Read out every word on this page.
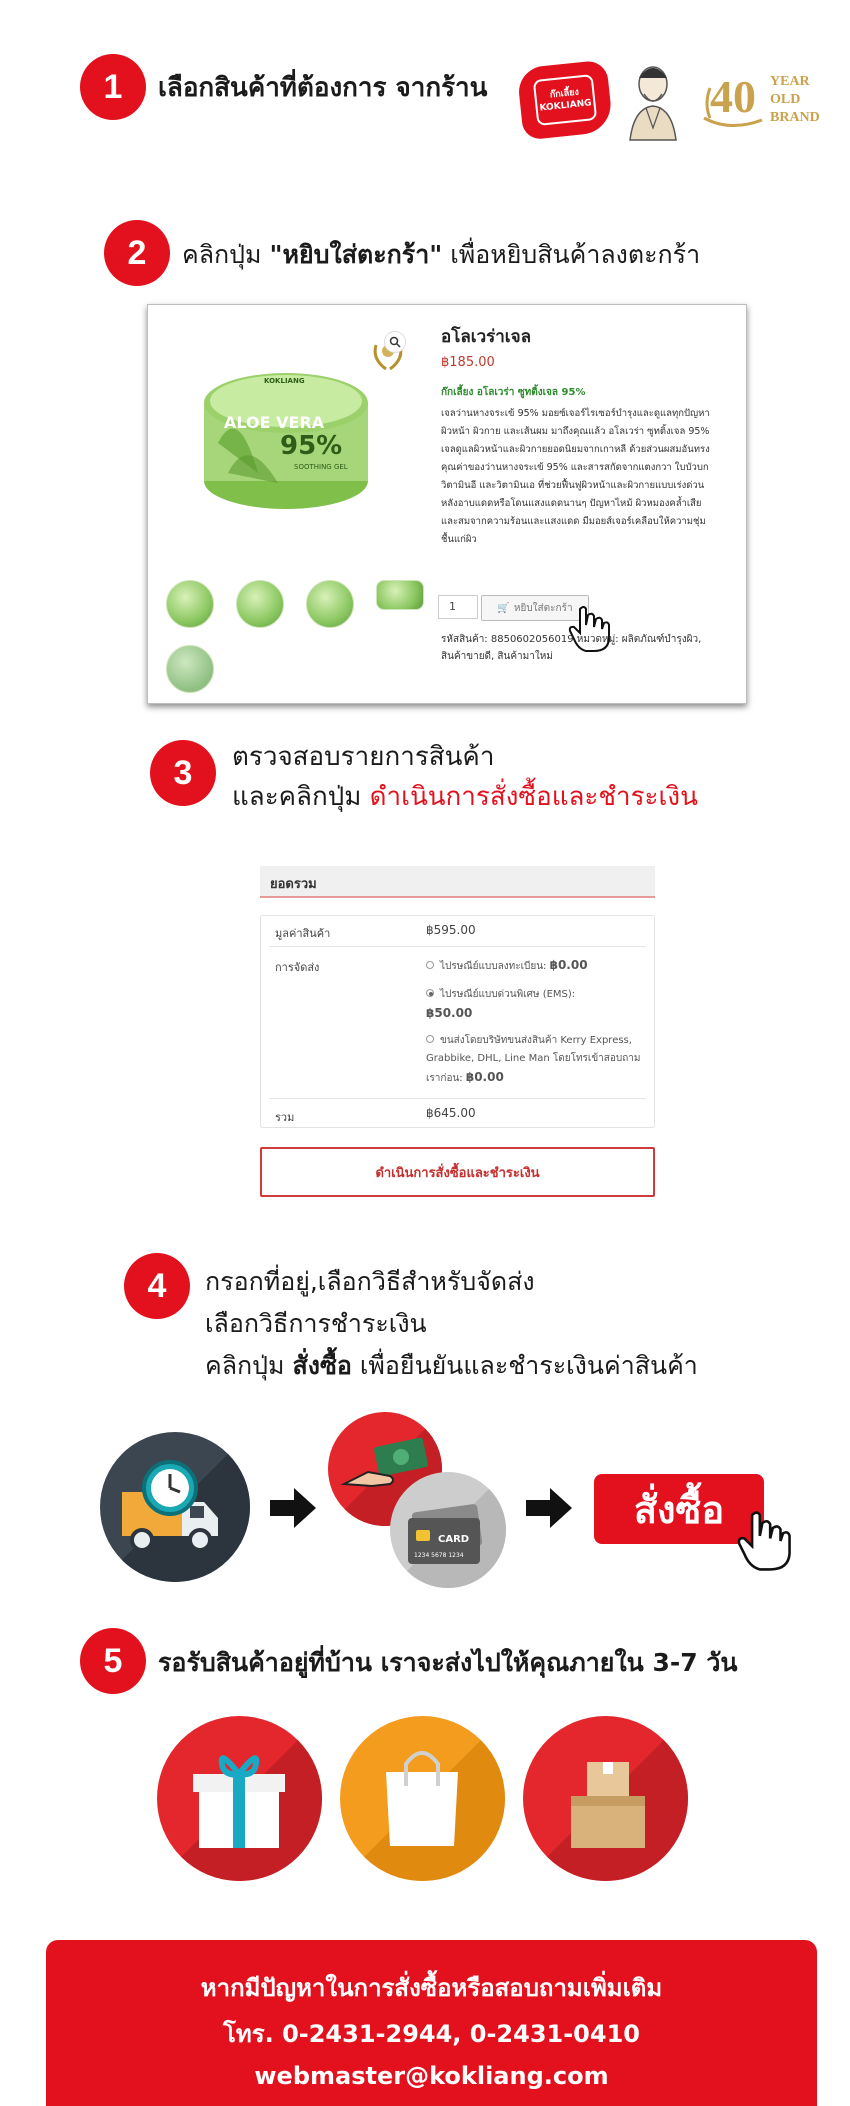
1	เลือกสินค้าที่ต้องการ จากร้าน	ก๊กเลี้ยง KOKLIANG	40 YEAR
OLD
BRAND
2	คลิกปุ่ม "หยิบใส่ตะกร้า" เพื่อหยิบสินค้าลงตะกร้า
KOKLIANG
ALOE VERA
95%
SOOTHING GEL
อโลเวร่าเจล
฿185.00
ก๊กเลี้ยง อโลเวร่า ซูทติ้งเจล 95%
เจลว่านหางจระเข้ 95% มอยซ์เจอร์ไรเซอร์บำรุงและดูแลทุกปัญหาผิวหน้า ผิวกาย และเส้นผม มาถึงคุณแล้ว อโลเวร่า ซูทติ้งเจล 95% เจลดูแลผิวหน้าและผิวกายยอดนิยมจากเกาหลี ด้วยส่วนผสมอันทรงคุณค่าของว่านหางจระเข้ 95% และสารสกัดจากแตงกวา ใบบัวบก วิตามินอี และวิตามินเอ ที่ช่วยฟื้นฟูผิวหน้าและผิวกายแบบเร่งด่วนหลังอาบแดดหรือโดนแสงแดดนานๆ ปัญหาไหม้ ผิวหมองคล้ำเสียและสมจากความร้อนและแสงแดด มีมอยส์เจอร์เคลือบให้ความชุ่มชื้นแก่ผิว
1	🛒 หยิบใส่ตะกร้า
รหัสสินค้า: 8850602056019 หมวดหมู่: ผลิตภัณฑ์บำรุงผิว, สินค้าขายดี, สินค้ามาใหม่
3	ตรวจสอบรายการสินค้า
และคลิกปุ่ม ดำเนินการสั่งซื้อและชำระเงิน
ยอดรวม
มูลค่าสินค้า	฿595.00
การจัดส่ง	ไปรษณีย์แบบลงทะเบียน: ฿0.00
ไปรษณีย์แบบด่วนพิเศษ (EMS):
฿50.00
ขนส่งโดยบริษัทขนส่งสินค้า Kerry Express, Grabbike, DHL, Line Man โดยโทรเข้าสอบถามเราก่อน: ฿0.00
รวม	฿645.00
ดำเนินการสั่งซื้อและชำระเงิน
4	กรอกที่อยู่,เลือกวิธีสำหรับจัดส่ง
เลือกวิธีการชำระเงิน
คลิกปุ่ม สั่งซื้อ เพื่อยืนยันและชำระเงินค่าสินค้า
CARD
1234 5678 1234
สั่งซื้อ
5	รอรับสินค้าอยู่ที่บ้าน เราจะส่งไปให้คุณภายใน 3-7 วัน
หากมีปัญหาในการสั่งซื้อหรือสอบถามเพิ่มเติม
โทร. 0-2431-2944, 0-2431-0410
webmaster@kokliang.com
